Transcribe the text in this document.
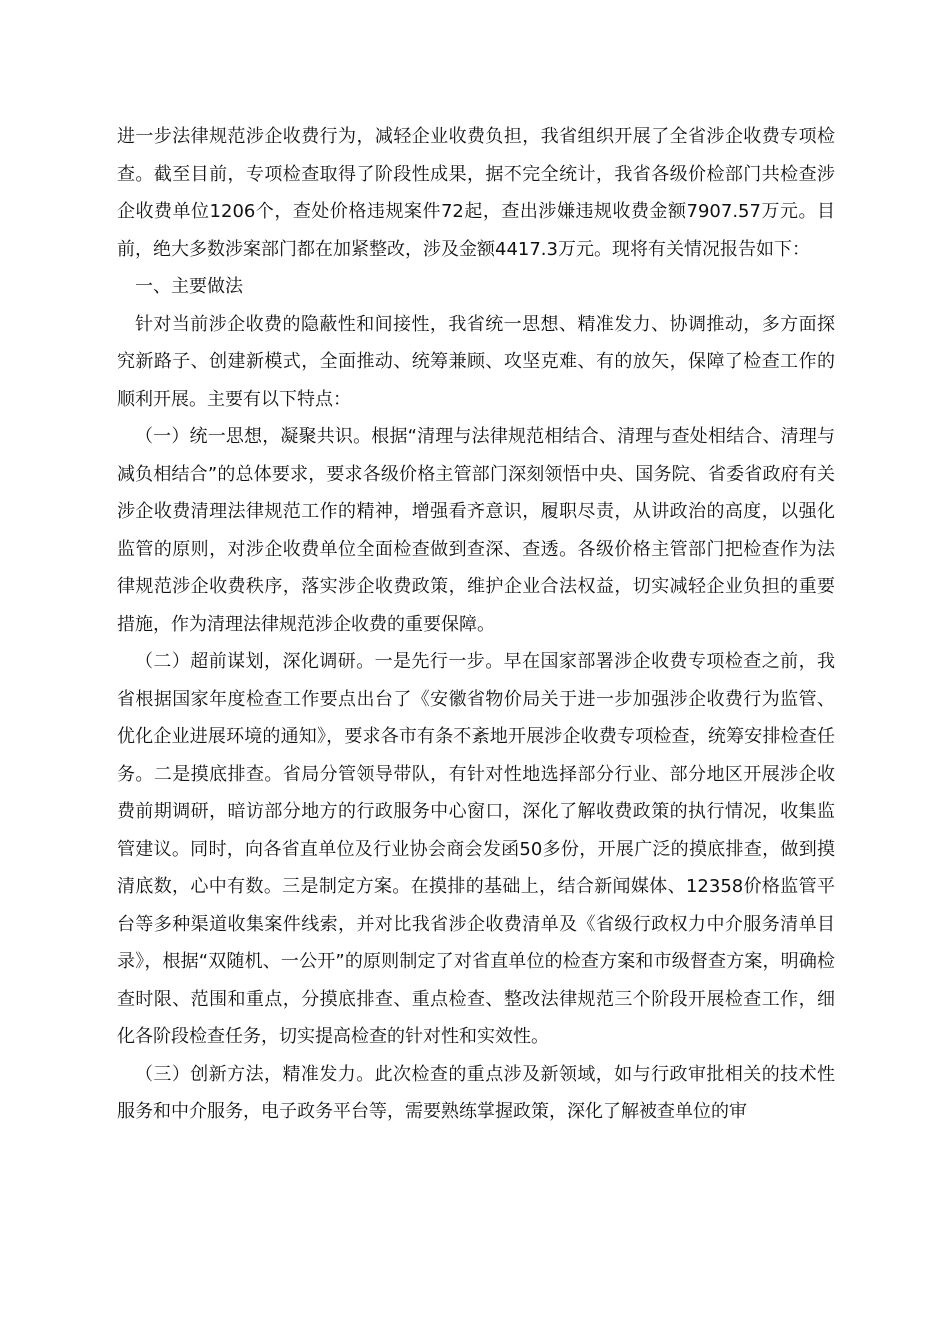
进一步法律规范涉企收费行为，减轻企业收费负担，我省组织开展了全省涉企收费专项检查。截至目前，专项检查取得了阶段性成果，据不完全统计，我省各级价检部门共检查涉企收费单位1206个，查处价格违规案件72起，查出涉嫌违规收费金额7907.57万元。目前，绝大多数涉案部门都在加紧整改，涉及金额4417.3万元。现将有关情况报告如下：

一、主要做法

针对当前涉企收费的隐蔽性和间接性，我省统一思想、精准发力、协调推动，多方面探究新路子、创建新模式，全面推动、统筹兼顾、攻坚克难、有的放矢，保障了检查工作的顺利开展。主要有以下特点：

（一）统一思想，凝聚共识。根据“清理与法律规范相结合、清理与查处相结合、清理与减负相结合”的总体要求，要求各级价格主管部门深刻领悟中央、国务院、省委省政府有关涉企收费清理法律规范工作的精神，增强看齐意识，履职尽责，从讲政治的高度，以强化监管的原则，对涉企收费单位全面检查做到查深、查透。各级价格主管部门把检查作为法律规范涉企收费秩序，落实涉企收费政策，维护企业合法权益，切实减轻企业负担的重要措施，作为清理法律规范涉企收费的重要保障。

（二）超前谋划，深化调研。一是先行一步。早在国家部署涉企收费专项检查之前，我省根据国家年度检查工作要点出台了《安徽省物价局关于进一步加强涉企收费行为监管、优化企业进展环境的通知》，要求各市有条不紊地开展涉企收费专项检查，统筹安排检查任务。二是摸底排查。省局分管领导带队，有针对性地选择部分行业、部分地区开展涉企收费前期调研，暗访部分地方的行政服务中心窗口，深化了解收费政策的执行情况，收集监管建议。同时，向各省直单位及行业协会商会发函50多份，开展广泛的摸底排查，做到摸清底数，心中有数。三是制定方案。在摸排的基础上，结合新闻媒体、12358价格监管平台等多种渠道收集案件线索，并对比我省涉企收费清单及《省级行政权力中介服务清单目录》，根据“双随机、一公开”的原则制定了对省直单位的检查方案和市级督查方案，明确检查时限、范围和重点，分摸底排查、重点检查、整改法律规范三个阶段开展检查工作，细化各阶段检查任务，切实提高检查的针对性和实效性。

（三）创新方法，精准发力。此次检查的重点涉及新领域，如与行政审批相关的技术性服务和中介服务，电子政务平台等，需要熟练掌握政策，深化了解被查单位的审
